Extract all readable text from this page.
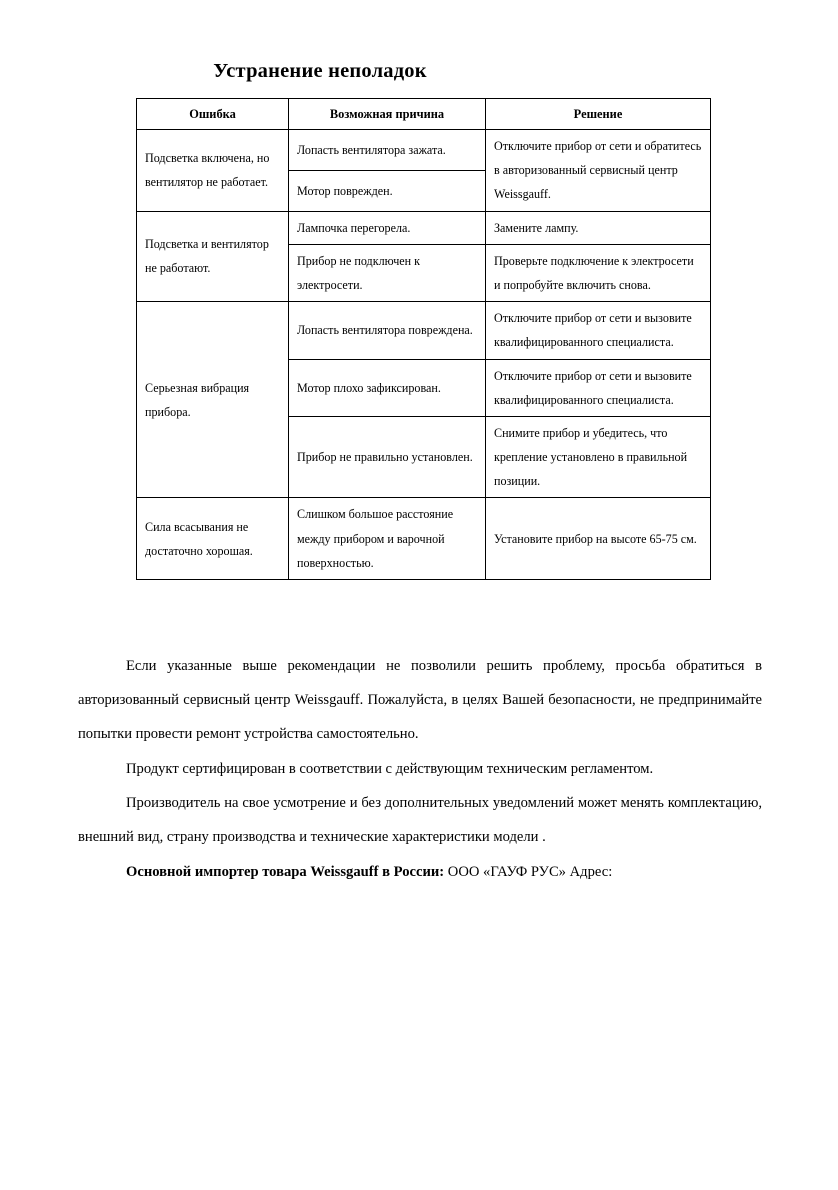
Устранение неполадок
Ошибка	Возможная причина	Решение
Подсветка включена, но вентилятор не работает.	Лопасть вентилятора зажата.	Отключите прибор от сети и обратитесь в авторизованный сервисный центр Weissgauff.
	Мотор поврежден.	
Подсветка и вентилятор не работают.	Лампочка перегорела.	Замените лампу.
	Прибор не подключен к электросети.	Проверьте подключение к электросети и попробуйте включить снова.
Серьезная вибрация прибора.	Лопасть вентилятора повреждена.	Отключите прибор от сети и вызовите квалифицированного специалиста.
	Мотор плохо зафиксирован.	Отключите прибор от сети и вызовите квалифицированного специалиста.
	Прибор не правильно установлен.	Снимите прибор и убедитесь, что крепление установлено в правильной позиции.
Сила всасывания не достаточно хорошая.	Слишком большое расстояние между прибором и варочной поверхностью.	Установите прибор на высоте 65-75 см.

Если указанные выше рекомендации не позволили решить проблему, просьба обратиться в авторизованный сервисный центр Weissgauff. Пожалуйста, в целях Вашей безопасности, не предпринимайте попытки провести ремонт устройства самостоятельно.

Продукт сертифицирован в соответствии с действующим техническим регламентом.

Производитель на свое усмотрение и без дополнительных уведомлений может менять комплектацию, внешний вид, страну производства и технические характеристики модели .

Основной импортер товара Weissgauff в России: ООО «ГАУФ РУС» Адрес:
